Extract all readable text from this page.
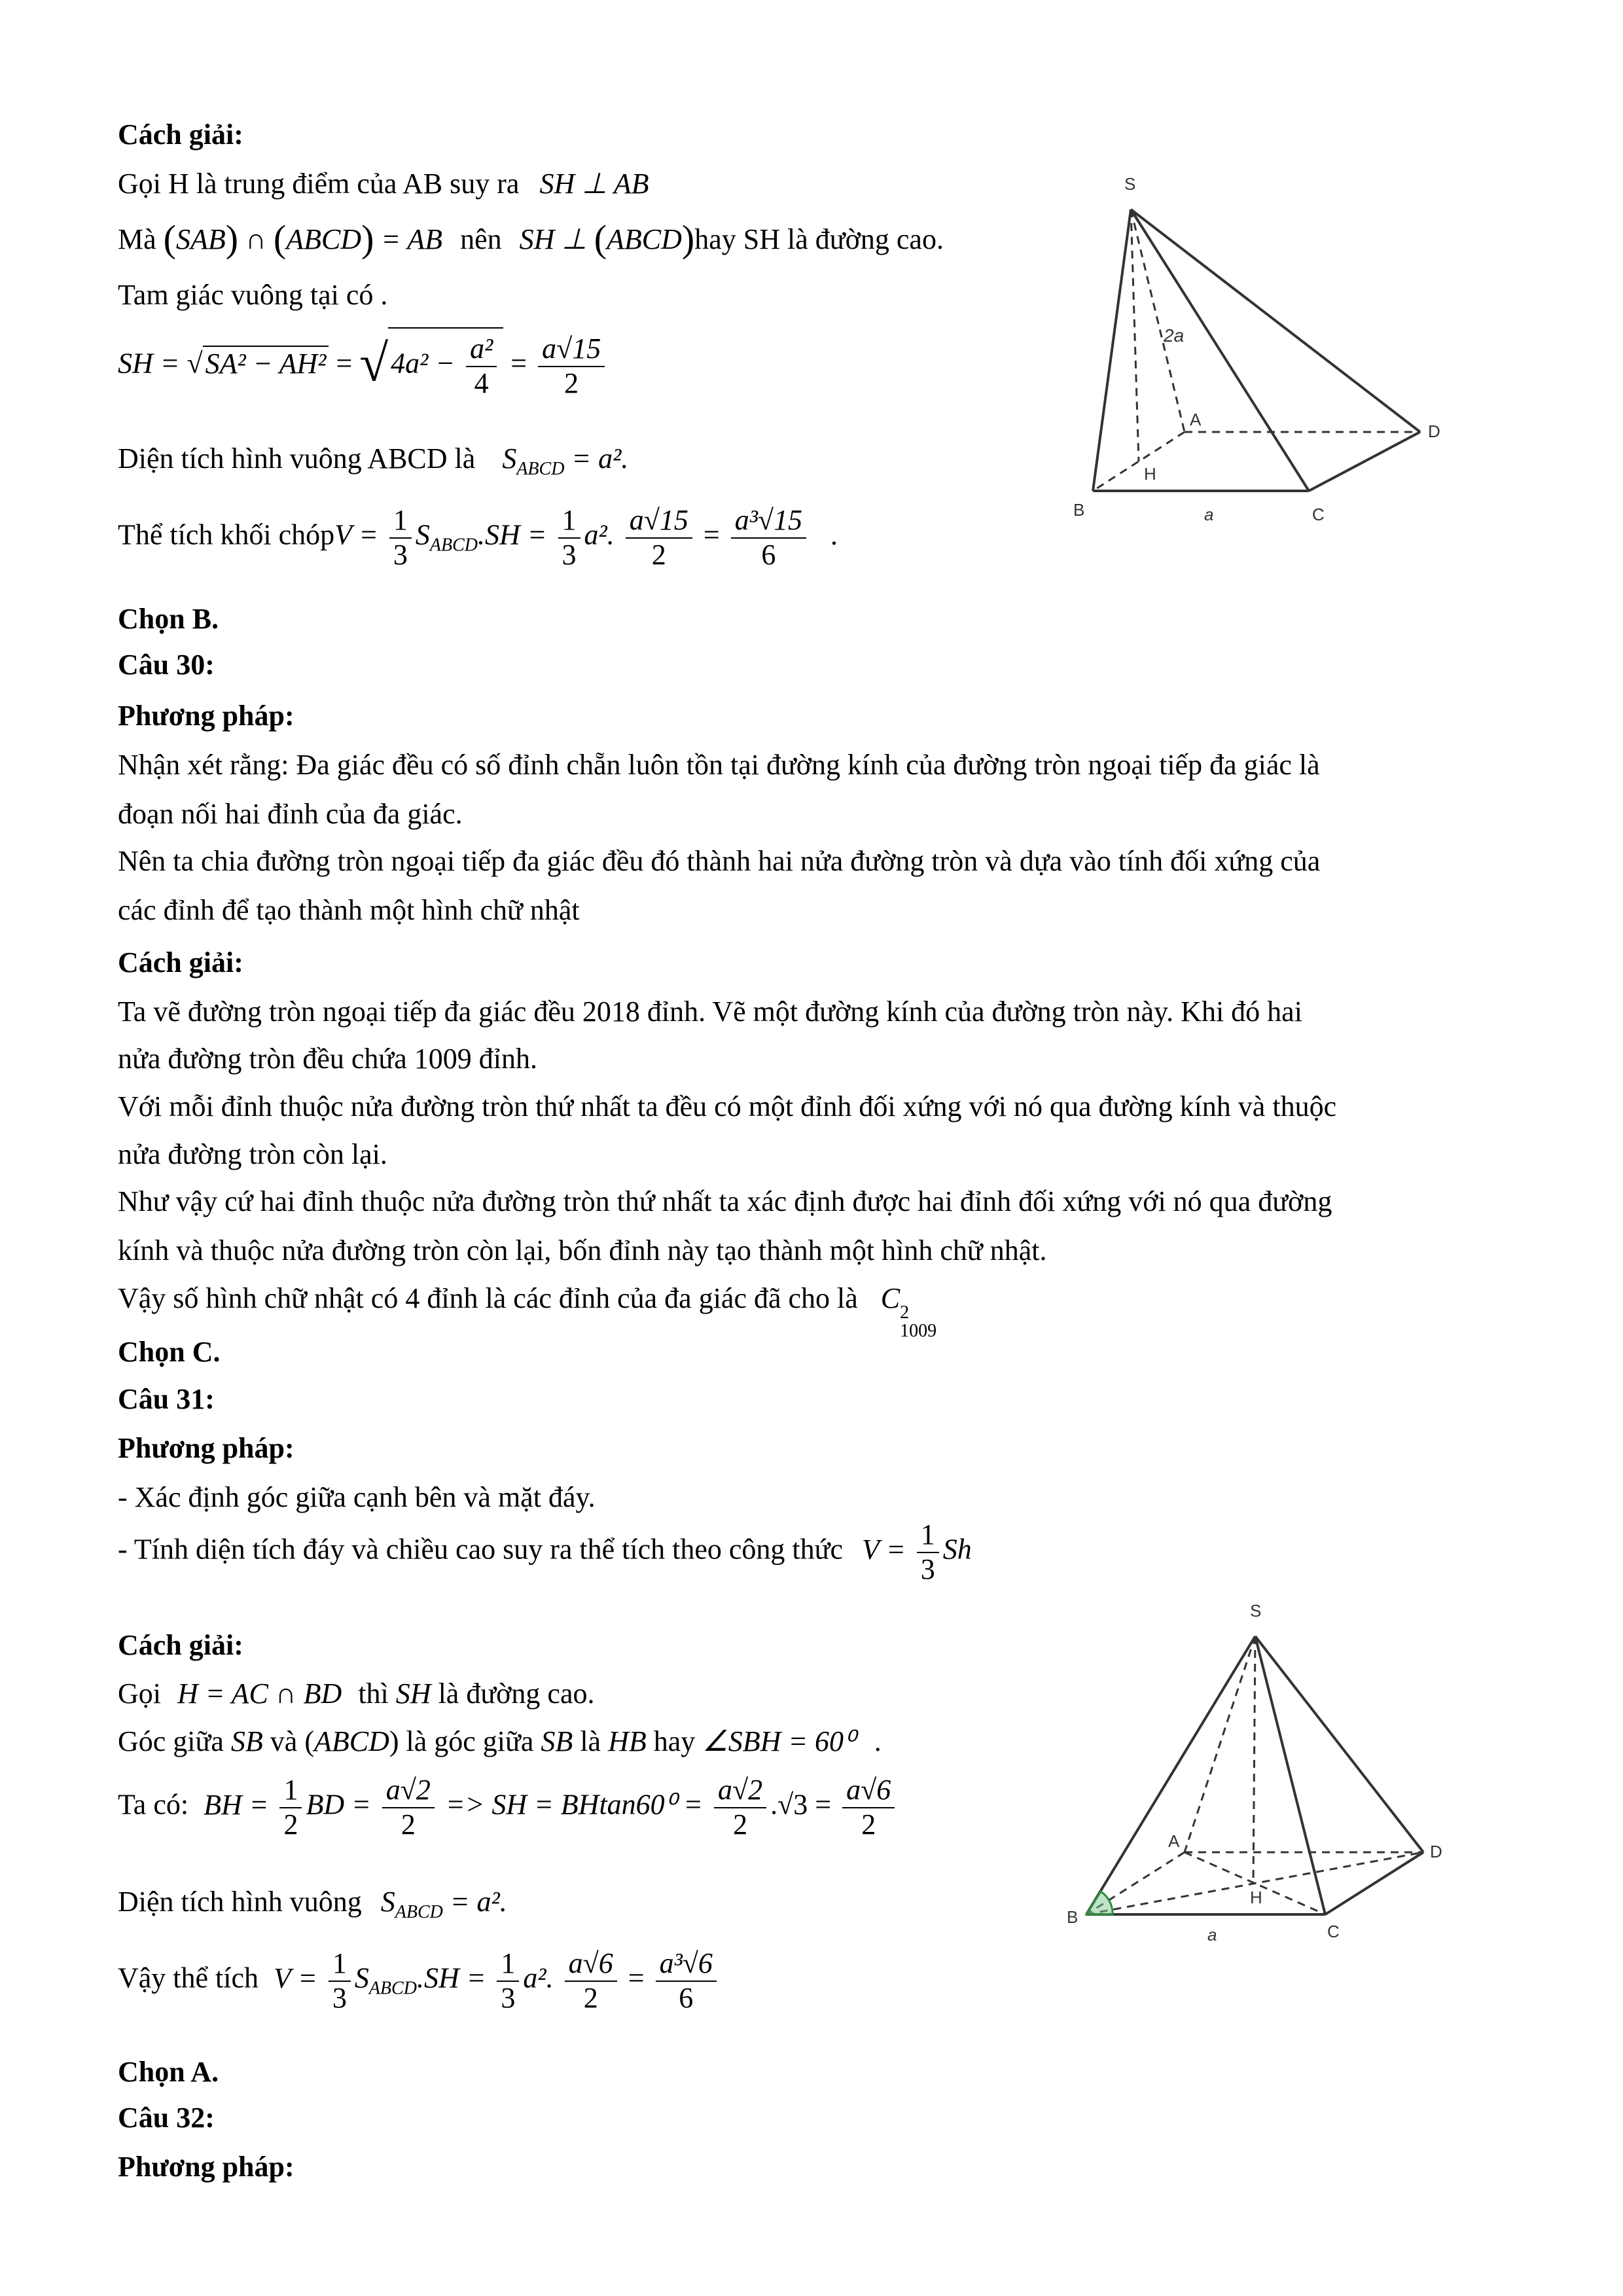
Cách giải:
Gọi H là trung điểm của AB suy ra SH ⊥ AB
Mà (SAB) ∩ (ABCD) = AB nên SH ⊥ (ABCD)hay SH là đường cao.
Tam giác vuông tại có .
SH = $√SA^2 - AH^2 = √4a^2 - \frac{\text{a²}}{4} = \frac{a√15}{2}$
Diện tích hình vuông ABCD là $S_{ABCD} = a^2$.
Thể tích khối chópV = $\frac{1}{3} S_{ABCD}.SH = \frac{1}{3} a^2$. $\frac{a√15}{2} = \frac{\text{a³√15}}{6}$ .
Chọn B.
Câu 30:
Phương pháp:
Nhận xét rằng: Đa giác đều có số đỉnh chẵn luôn tồn tại đường kính của đường tròn ngoại tiếp đa giác là
đoạn nối hai đỉnh của đa giác.
Nên ta chia đường tròn ngoại tiếp đa giác đều đó thành hai nửa đường tròn và dựa vào tính đối xứng của
các đỉnh để tạo thành một hình chữ nhật
Cách giải:
Ta vẽ đường tròn ngoại tiếp đa giác đều 2018 đỉnh. Vẽ một đường kính của đường tròn này. Khi đó hai
nửa đường tròn đều chứa 1009 đỉnh.
Với mỗi đỉnh thuộc nửa đường tròn thứ nhất ta đều có một đỉnh đối xứng với nó qua đường kính và thuộc
nửa đường tròn còn lại.
Như vậy cứ hai đỉnh thuộc nửa đường tròn thứ nhất ta xác định được hai đỉnh đối xứng với nó qua đường
kính và thuộc nửa đường tròn còn lại, bốn đỉnh này tạo thành một hình chữ nhật.
Vậy số hình chữ nhật có 4 đỉnh là các đỉnh của đa giác đã cho là C 2
1009
Chọn C.
Câu 31:
Phương pháp:
- Xác định góc giữa cạnh bên và mặt đáy.
- Tính diện tích đáy và chiều cao suy ra thể tích theo công thức $V = \frac{1}{3}$ Sh
Cách giải:
Gọi H = AC ∩ BD thì SH là đường cao.
Góc giữa SB và (ABCD) là góc giữa SB là HB hay ∠SBH = 60⁰ .
Ta có: BH = $\frac{1}{2}$ BD = $\frac{a√2}{2}$ => SH = $BHtan60^0 = \frac{a√2}{2} .√3 = \frac{a√6}{2}$
Diện tích hình vuông $S_{ABCD} = a^2$.
Vậy thể tích $V = \frac{1}{3} S_{ABCD}.SH = \frac{1}{3} a^2$. $\frac{a√6}{2} = \frac{\text{a³√6}}{6}$
Chọn A.
Câu 32:
Phương pháp:
S
A
H
B	C
D
a
2a
S
A
H
B
C
D
a
